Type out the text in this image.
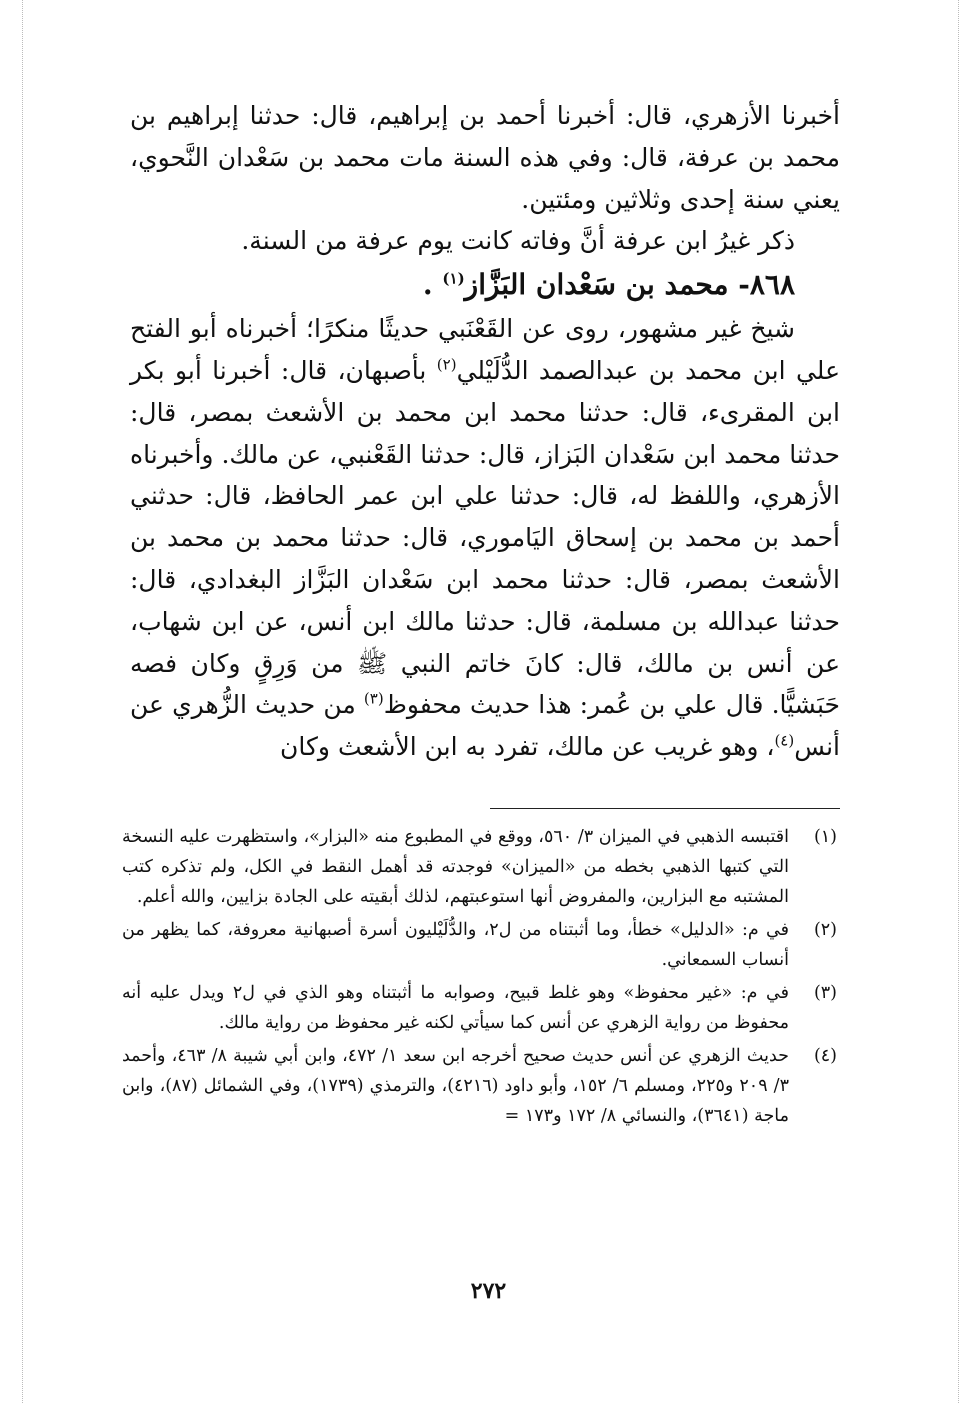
أخبرنا الأزهري، قال: أخبرنا أحمد بن إبراهيم، قال: حدثنا إبراهيم بن محمد بن عرفة، قال: وفي هذه السنة مات محمد بن سَعْدان النَّحوي، يعني سنة إحدى وثلاثين ومئتين.

ذكر غيرُ ابن عرفة أنَّ وفاته كانت يوم عرفة من السنة.

٨٦٨- محمد بن سَعْدان البَزَّاز$^{(١)}$ .

شيخ غير مشهور، روى عن القَعْنَبي حديثًا منكرًا؛ أخبرناه أبو الفتح علي ابن محمد بن عبدالصمد الدُّلَيْلي$^{(٢)}$ بأصبهان، قال: أخبرنا أبو بكر ابن المقرىء، قال: حدثنا محمد ابن محمد بن الأشعث بمصر، قال: حدثنا محمد ابن سَعْدان البَزاز، قال: حدثنا القَعْنبي، عن مالك. وأخبرناه الأزهري، واللفظ له، قال: حدثنا علي ابن عمر الحافظ، قال: حدثني أحمد بن محمد بن إسحاق اليَاموري، قال: حدثنا محمد بن محمد بن الأشعث بمصر، قال: حدثنا محمد ابن سَعْدان البَزَّاز البغدادي، قال: حدثنا عبدالله بن مسلمة، قال: حدثنا مالك ابن أنس، عن ابن شهاب، عن أنس بن مالك، قال: كانَ خاتم النبي ﷺ من وَرِقٍ وكان فصه حَبَشيًّا. قال علي بن عُمر: هذا حديث محفوظ$^{(٣)}$ من حديث الزُّهري عن أنس$^{(٤)}$، وهو غريب عن مالك، تفرد به ابن الأشعث وكان

(١)
اقتبسه الذهبي في الميزان ٣/ ٥٦٠، ووقع في المطبوع منه «البزار»، واستظهرت عليه النسخة التي كتبها الذهبي بخطه من «الميزان» فوجدته قد أهمل النقط في الكل، ولم تذكره كتب المشتبه مع البزارين، والمفروض أنها استوعبتهم، لذلك أبقيته على الجادة بزايين، والله أعلم.
(٢)
في م: «الدليل» خطأ، وما أثبتناه من ل٢، والدُّلَيْليون أسرة أصبهانية معروفة، كما يظهر من أنساب السمعاني.
(٣)
في م: «غير محفوظ» وهو غلط قبيح، وصوابه ما أثبتناه وهو الذي في ل٢ ويدل عليه أنه محفوظ من رواية الزهري عن أنس كما سيأتي لكنه غير محفوظ من رواية مالك.
(٤)
حديث الزهري عن أنس حديث صحيح أخرجه ابن سعد ١/ ٤٧٢، وابن أبي شيبة ٨/ ٤٦٣، وأحمد ٣/ ٢٠٩ و٢٢٥، ومسلم ٦/ ١٥٢، وأبو داود (٤٢١٦)، والترمذي (١٧٣٩)، وفي الشمائل (٨٧)، وابن ماجة (٣٦٤١)، والنسائي ٨/ ١٧٢ و١٧٣ =
٢٧٢
